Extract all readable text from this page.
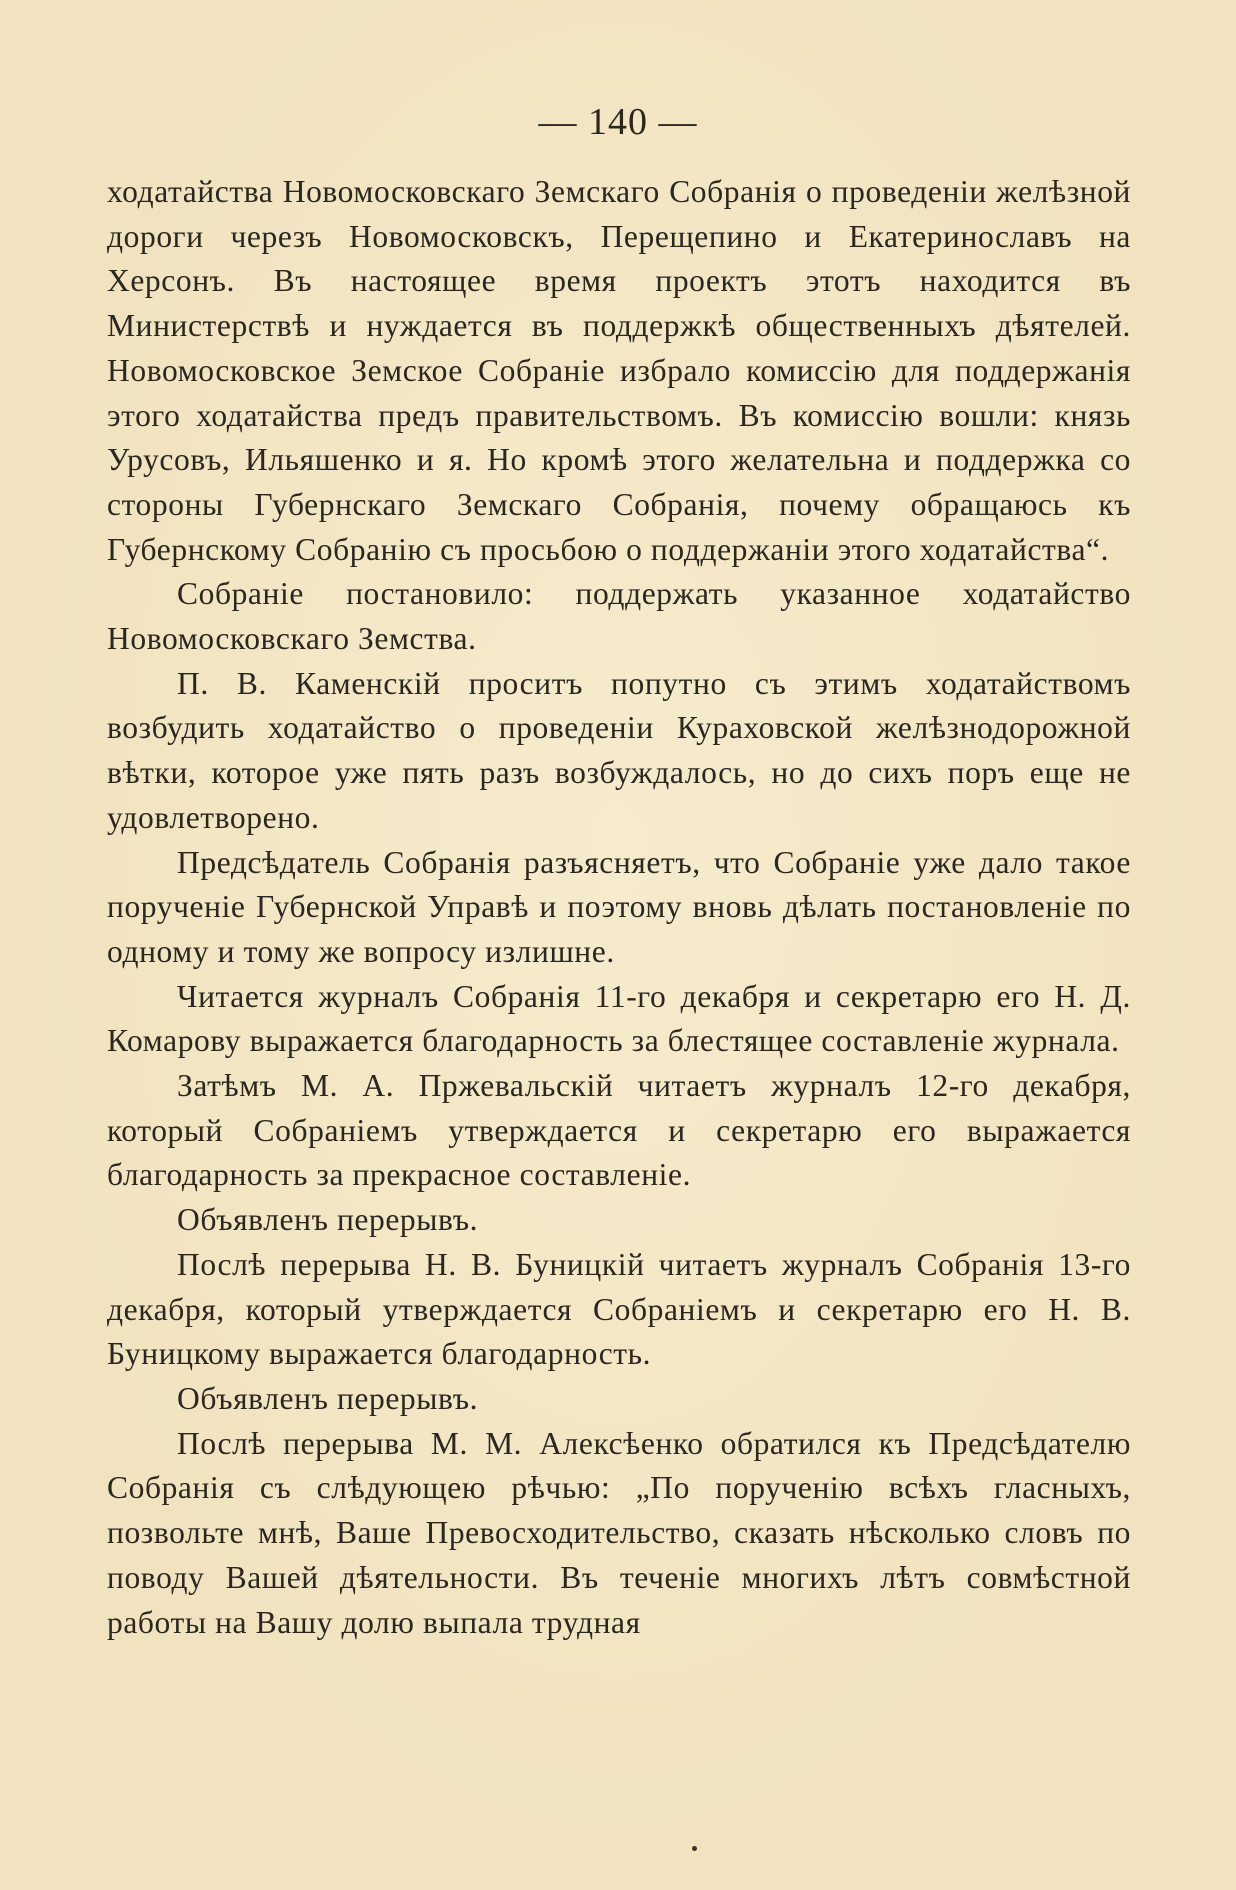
— 140 —

ходатайства Новомосковскаго Земскаго Собранія о проведеніи желѣзной дороги черезъ Новомосковскъ, Перещепино и Екатеринославъ на Херсонъ. Въ настоящее время проектъ этотъ находится въ Министерствѣ и нуждается въ поддержкѣ общественныхъ дѣятелей. Новомосковское Земское Собраніе избрало комиссію для поддержанія этого ходатайства предъ правительствомъ. Въ комиссію вошли: князь Урусовъ, Ильяшенко и я. Но кромѣ этого желательна и поддержка со стороны Губернскаго Земскаго Собранія, почему обращаюсь къ Губернскому Собранію съ просьбою о поддержаніи этого ходатайства“.

Собраніе постановило: поддержать указанное ходатайство Новомосковскаго Земства.

П. В. Каменскій проситъ попутно съ этимъ ходатайствомъ возбудить ходатайство о проведеніи Кураховской желѣзнодорожной вѣтки, которое уже пять разъ возбуждалось, но до сихъ поръ еще не удовлетворено.

Предсѣдатель Собранія разъясняетъ, что Собраніе уже дало такое порученіе Губернской Управѣ и поэтому вновь дѣлать постановленіе по одному и тому же вопросу излишне.

Читается журналъ Собранія 11-го декабря и секретарю его Н. Д. Комарову выражается благодарность за блестящее составленіе журнала.

Затѣмъ М. А. Пржевальскій читаетъ журналъ 12-го декабря, который Собраніемъ утверждается и секретарю его выражается благодарность за прекрасное составленіе.

Объявленъ перерывъ.

Послѣ перерыва Н. В. Буницкій читаетъ журналъ Собранія 13-го декабря, который утверждается Собраніемъ и секретарю его Н. В. Буницкому выражается благодарность.

Объявленъ перерывъ.

Послѣ перерыва М. М. Алексѣенко обратился къ Предсѣдателю Собранія съ слѣдующею рѣчью: „По порученію всѣхъ гласныхъ, позвольте мнѣ, Ваше Превосходительство, сказать нѣсколько словъ по поводу Вашей дѣятельности. Въ теченіе многихъ лѣтъ совмѣстной работы на Вашу долю выпала трудная
